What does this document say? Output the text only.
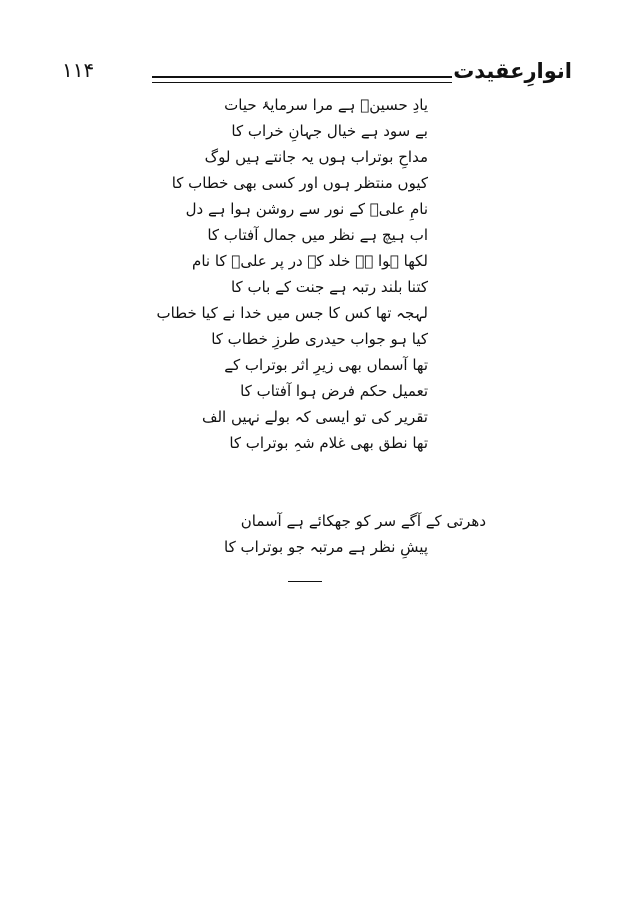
۱۱۴	انوارِعقیدت
یادِ حسینؑ ہے مرا سرمایۂ حیات
بے سود ہے خیال جہانِ خراب کا
مداحِ بوتراب ہوں یہ جانتے ہیں لوگ
کیوں منتظر ہوں اور کسی بھی خطاب کا
نامِ علیؑ کے نور سے روشن ہوا ہے دل
اب ہیچ ہے نظر میں جمال آفتاب کا
لکھا ہوا ہے خلد کے در پر علیؑ کا نام
کتنا بلند رتبہ ہے جنت کے باب کا
لہجہ تھا کس کا جس میں خدا نے کیا خطاب
کیا ہو جواب حیدری طرزِ خطاب کا
تھا آسماں بھی زیرِ اثر بوتراب کے
تعمیل حکم فرض ہوا آفتاب کا
تقریر کی تو ایسی کہ بولے نہیں الف
تھا نطق بھی غلام شہِ بوتراب کا
دھرتی کے آگے سر کو جھکائے ہے آسمان
پیشِ نظر ہے مرتبہ جو بوتراب کا
